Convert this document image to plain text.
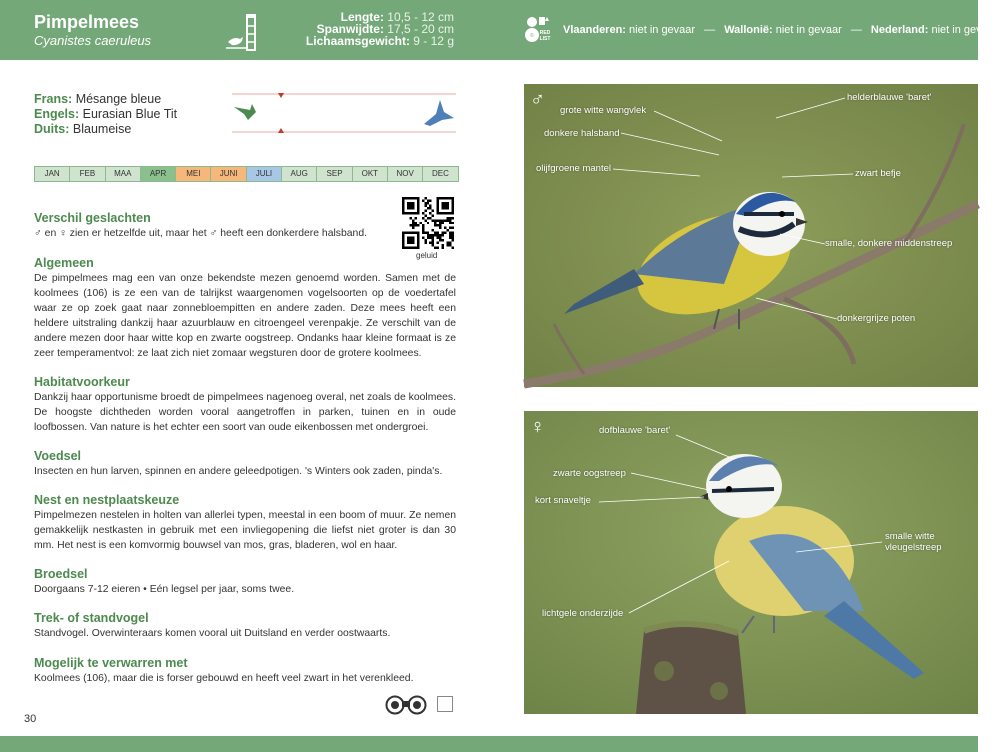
Pimpelmees
Cyanistes caeruleus
Lengte: 10,5 - 12 cm
Spanwijdte: 17,5 - 20 cm
Lichaamsgewicht: 9 - 12 g	© RED
LIST
Vlaanderen: niet in gevaar — Wallonië: niet in gevaar — Nederland: niet in gevaar
Frans: Mésange bleue
Engels: Eurasian Blue Tit
Duits: Blaumeise
JAN	FEB	MAA	APR	MEI	JUNI	JULI	AUG	SEP	OKT	NOV	DEC
geluid
Verschil geslachten

♂ en ♀ zien er hetzelfde uit, maar het ♂ heeft een donkerdere halsband.

Algemeen

De pimpelmees mag een van onze bekendste mezen genoemd worden. Samen met de koolmees (106) is ze een van de talrijkst waargenomen vogelsoorten op de voedertafel waar ze op zoek gaat naar zonnebloempitten en andere zaden. Deze mees heeft een heldere uitstraling dankzij haar azuurblauw en citroengeel verenpakje. Ze verschilt van de andere mezen door haar witte kop en zwarte oogstreep. Ondanks haar kleine formaat is ze zeer temperamentvol: ze laat zich niet zomaar wegsturen door de grotere koolmees.

Habitatvoorkeur

Dankzij haar opportunisme broedt de pimpelmees nagenoeg overal, net zoals de koolmees. De hoogste dichtheden worden vooral aangetroffen in parken, tuinen en in oude loofbossen. Van nature is het echter een soort van oude eikenbossen met ondergroei.

Voedsel

Insecten en hun larven, spinnen en andere geleedpotigen. 's Winters ook zaden, pinda's.

Nest en nestplaatskeuze

Pimpelmezen nestelen in holten van allerlei typen, meestal in een boom of muur. Ze nemen gemakkelijk nestkasten in gebruik met een invliegopening die liefst niet groter is dan 30 mm. Het nest is een komvormig bouwsel van mos, gras, bladeren, wol en haar.

Broedsel

Doorgaans 7-12 eieren • Eén legsel per jaar, soms twee.

Trek- of standvogel

Standvogel. Overwinteraars komen vooral uit Duitsland en verder oostwaarts.

Mogelijk te verwarren met

Koolmees (106), maar die is forser gebouwd en heeft veel zwart in het verenkleed.

30
♂ grote witte wangvlek
helderblauwe 'baret'
donkere halsband
olijfgroene mantel	zwart befje
smalle, donkere middenstreep
donkergrijze poten
♀	dofblauwe 'baret'
zwarte oogstreep
kort snaveltje
smalle witte
vleugelstreep
lichtgele onderzijde
